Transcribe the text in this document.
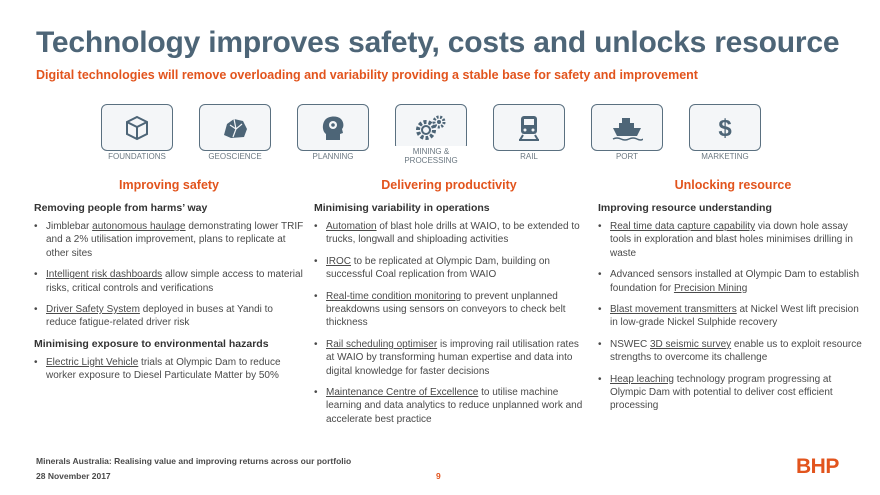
Technology improves safety, costs and unlocks resource
Digital technologies will remove overloading and variability providing a stable base for safety and improvement
FOUNDATIONS	GEOSCIENCE	PLANNING
MINING &
PROCESSING	RAIL	PORT
$
MARKETING
Improving safety
Removing people from harms’ way
• Jimblebar autonomous haulage demonstrating lower TRIF and a 2% utilisation improvement, plans to replicate at other sites
• Intelligent risk dashboards allow simple access to material risks, critical controls and verifications
• Driver Safety System deployed in buses at Yandi to reduce fatigue-related driver risk
Minimising exposure to environmental hazards
• Electric Light Vehicle trials at Olympic Dam to reduce worker exposure to Diesel Particulate Matter by 50%
Delivering productivity
Minimising variability in operations
• Automation of blast hole drills at WAIO, to be extended to trucks, longwall and shiploading activities
• IROC to be replicated at Olympic Dam, building on successful Coal replication from WAIO
• Real-time condition monitoring to prevent unplanned breakdowns using sensors on conveyors to check belt thickness
• Rail scheduling optimiser is improving rail utilisation rates at WAIO by transforming human expertise and data into digital knowledge for faster decisions
• Maintenance Centre of Excellence to utilise machine learning and data analytics to reduce unplanned work and accelerate best practice
Unlocking resource
Improving resource understanding
• Real time data capture capability via down hole assay tools in exploration and blast holes minimises drilling in waste
• Advanced sensors installed at Olympic Dam to establish foundation for Precision Mining
• Blast movement transmitters at Nickel West lift precision in low-grade Nickel Sulphide recovery
• NSWEC 3D seismic survey enable us to exploit resource strengths to overcome its challenge
• Heap leaching technology program progressing at Olympic Dam with potential to deliver cost efficient processing
Minerals Australia: Realising value and improving returns across our portfolio
28 November 2017	9	BHP
